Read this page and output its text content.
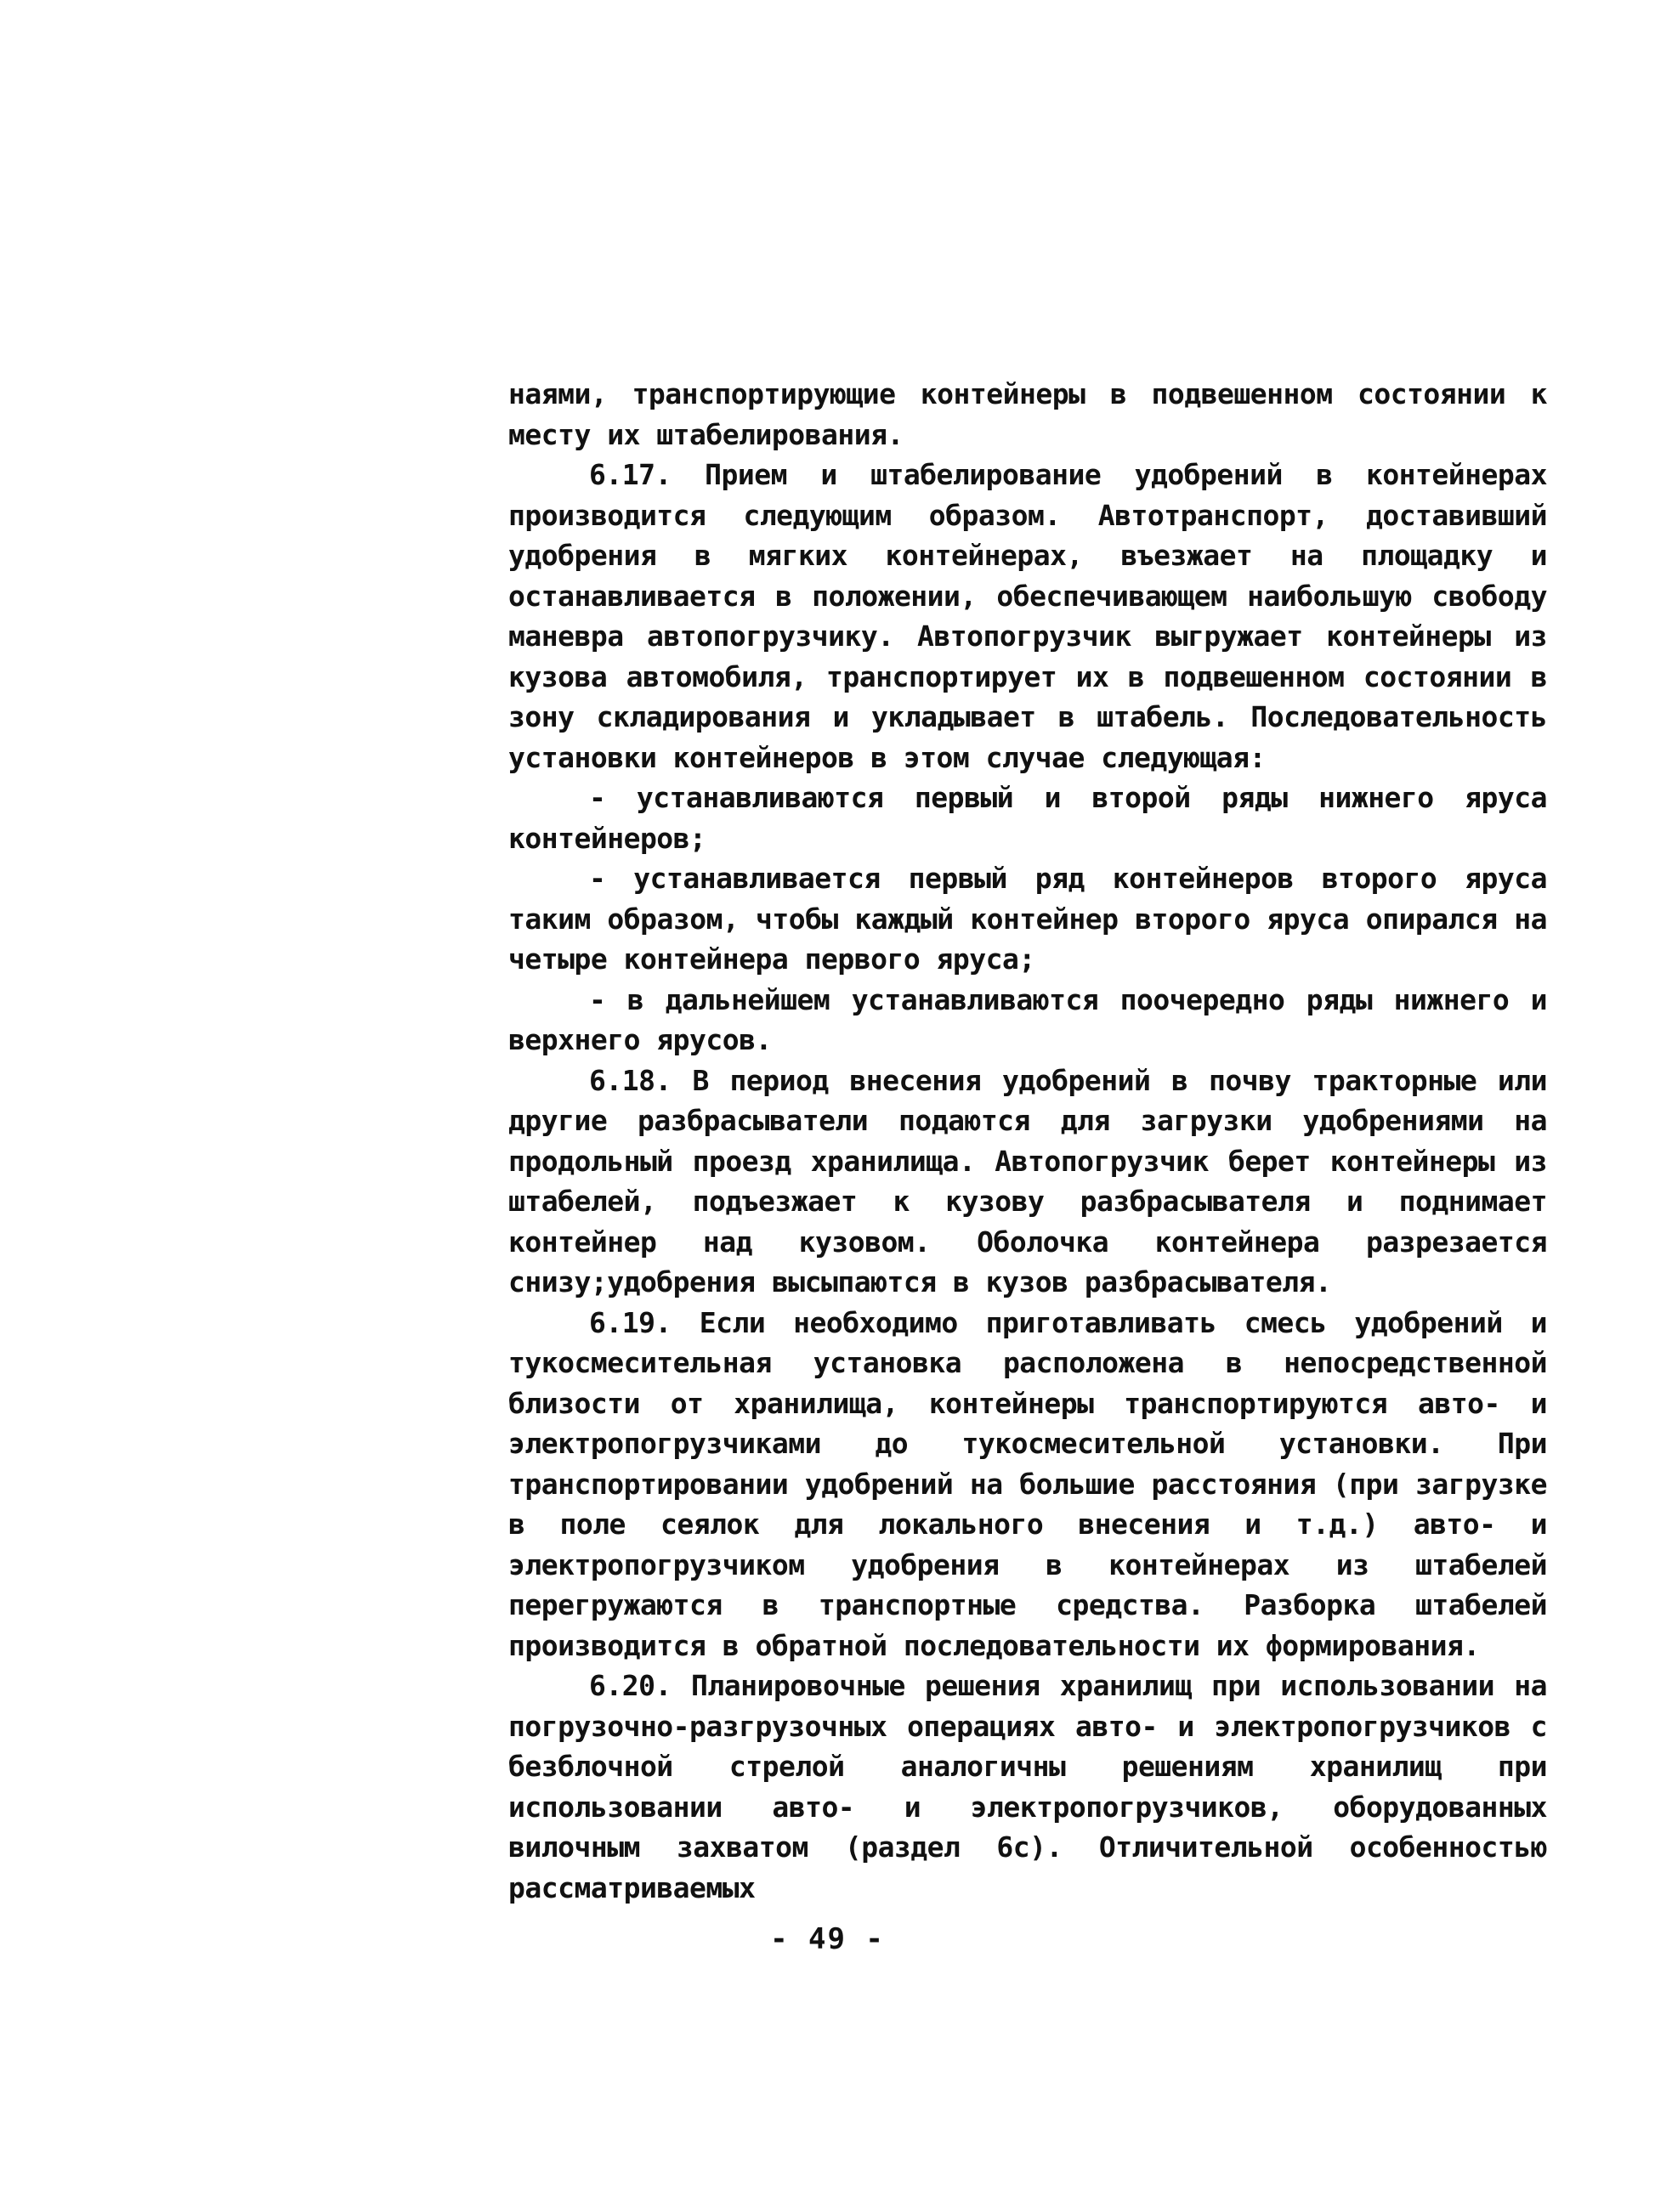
наями, транспортирующие контейнеры в подвешенном состоянии к месту их штабелирования.

6.17. Прием и штабелирование удобрений в контейнерах производится следующим образом. Автотранспорт, доставивший удобрения в мягких контейнерах, въезжает на площадку и останавливается в положении, обеспечивающем наибольшую свободу маневра автопогрузчику. Автопогрузчик выгружает контейнеры из кузова автомобиля, транспортирует их в подвешенном состоянии в зону складирования и укладывает в штабель. Последовательность установки контейнеров в этом случае следующая:

- устанавливаются первый и второй ряды нижнего яруса контейнеров;

- устанавливается первый ряд контейнеров второго яруса таким образом, чтобы каждый контейнер второго яруса опирался на четыре контейнера первого яруса;

- в дальнейшем устанавливаются поочередно ряды нижнего и верхнего ярусов.

6.18. В период внесения удобрений в почву тракторные или другие разбрасыватели подаются для загрузки удобрениями на продольный проезд хранилища. Автопогрузчик берет контейнеры из штабелей, подъезжает к кузову разбрасывателя и поднимает контейнер над кузовом. Оболочка контейнера разрезается снизу;удобрения высыпаются в кузов разбрасывателя.

6.19. Если необходимо приготавливать смесь удобрений и тукосмесительная установка расположена в непосредственной близости от хранилища, контейнеры транспортируются авто- и электропогрузчиками до тукосмесительной установки. При транспортировании удобрений на большие расстояния (при загрузке в поле сеялок для локального внесения и т.д.) авто- и электропогрузчиком удобрения в контейнерах из штабелей перегружаются в транспортные средства. Разборка штабелей производится в обратной последовательности их формирования.

6.20. Планировочные решения хранилищ при использовании на погрузочно-разгрузочных операциях авто- и электропогрузчиков с безблочной стрелой аналогичны решениям хранилищ при использовании авто- и электропогрузчиков, оборудованных вилочным захватом (раздел 6с). Отличительной особенностью рассматриваемых

- 49 -
